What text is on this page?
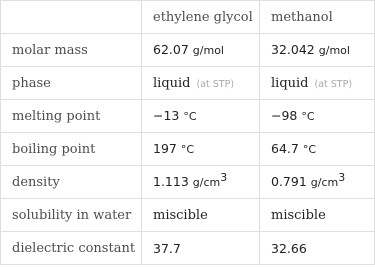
	ethylene glycol	methanol
molar mass	62.07 g/mol	32.042 g/mol
phase	liquid (at STP)	liquid (at STP)
melting point	−13 °C	−98 °C
boiling point	197 °C	64.7 °C
density	1.113 $g/cm^3$	0.791 $g/cm^3$
solubility in water	miscible	miscible
dielectric constant	37.7	32.66
